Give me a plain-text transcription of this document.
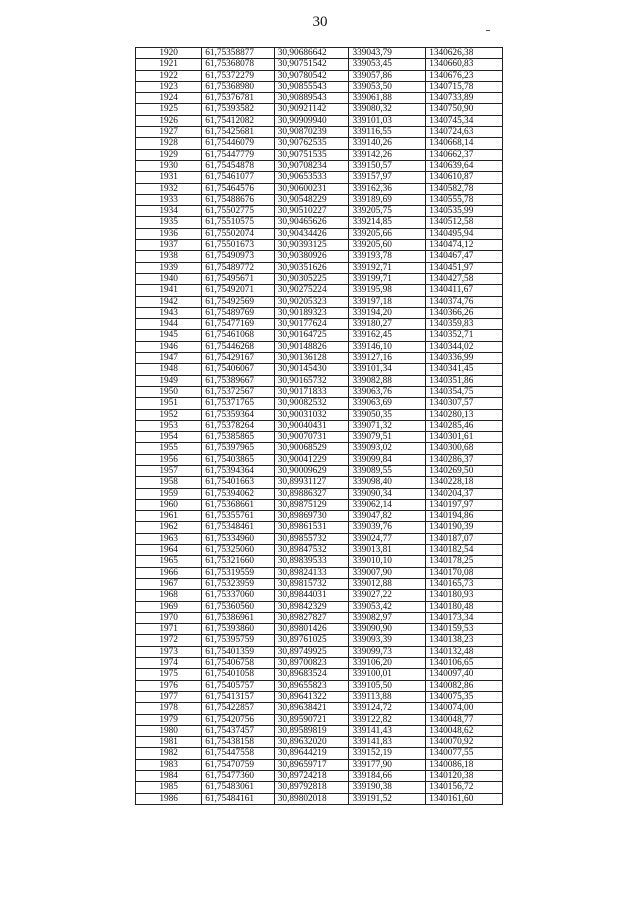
30
1920	61,75358877	30,90686642	339043,79	1340626,38
1921	61,75368078	30,90751542	339053,45	1340660,83
1922	61,75372279	30,90780542	339057,86	1340676,23
1923	61,75368980	30,90855543	339053,50	1340715,78
1924	61,75376781	30,90889543	339061,88	1340733,89
1925	61,75393582	30,90921142	339080,32	1340750,90
1926	61,75412082	30,90909940	339101,03	1340745,34
1927	61,75425681	30,90870239	339116,55	1340724,63
1928	61,75446079	30,90762535	339140,26	1340668,14
1929	61,75447779	30,90751535	339142,26	1340662,37
1930	61,75454878	30,90708234	339150,57	1340639,64
1931	61,75461077	30,90653533	339157,97	1340610,87
1932	61,75464576	30,90600231	339162,36	1340582,78
1933	61,75488676	30,90548229	339189,69	1340555,78
1934	61,75502775	30,90510227	339205,75	1340535,99
1935	61,75510575	30,90465626	339214,85	1340512,58
1936	61,75502074	30,90434426	339205,66	1340495,94
1937	61,75501673	30,90393125	339205,60	1340474,12
1938	61,75490973	30,90380926	339193,78	1340467,47
1939	61,75489772	30,90351626	339192,71	1340451,97
1940	61,75495671	30,90305225	339199,71	1340427,58
1941	61,75492071	30,90275224	339195,98	1340411,67
1942	61,75492569	30,90205323	339197,18	1340374,76
1943	61,75489769	30,90189323	339194,20	1340366,26
1944	61,75477169	30,90177624	339180,27	1340359,83
1945	61,75461068	30,90164725	339162,45	1340352,71
1946	61,75446268	30,90148826	339146,10	1340344,02
1947	61,75429167	30,90136128	339127,16	1340336,99
1948	61,75406067	30,90145430	339101,34	1340341,45
1949	61,75389667	30,90165732	339082,88	1340351,86
1950	61,75372567	30,90171833	339063,76	1340354,75
1951	61,75371765	30,90082532	339063,69	1340307,57
1952	61,75359364	30,90031032	339050,35	1340280,13
1953	61,75378264	30,90040431	339071,32	1340285,46
1954	61,75385865	30,90070731	339079,51	1340301,61
1955	61,75397965	30,90068529	339093,02	1340300,68
1956	61,75403865	30,90041229	339099,84	1340286,37
1957	61,75394364	30,90009629	339089,55	1340269,50
1958	61,75401663	30,89931127	339098,40	1340228,18
1959	61,75394062	30,89886327	339090,34	1340204,37
1960	61,75368661	30,89875129	339062,14	1340197,97
1961	61,75355761	30,89869730	339047,82	1340194,86
1962	61,75348461	30,89861531	339039,76	1340190,39
1963	61,75334960	30,89855732	339024,77	1340187,07
1964	61,75325060	30,89847532	339013,81	1340182,54
1965	61,75321660	30,89839533	339010,10	1340178,25
1966	61,75319559	30,89824133	339007,90	1340170,08
1967	61,75323959	30,89815732	339012,88	1340165,73
1968	61,75337060	30,89844031	339027,22	1340180,93
1969	61,75360560	30,89842329	339053,42	1340180,48
1970	61,75386961	30,89827827	339082,97	1340173,34
1971	61,75393860	30,89801426	339090,90	1340159,53
1972	61,75395759	30,89761025	339093,39	1340138,23
1973	61,75401359	30,89749925	339099,73	1340132,48
1974	61,75406758	30,89700823	339106,20	1340106,65
1975	61,75401058	30,89683524	339100,01	1340097,40
1976	61,75405757	30,89655823	339105,50	1340082,86
1977	61,75413157	30,89641322	339113,88	1340075,35
1978	61,75422857	30,89638421	339124,72	1340074,00
1979	61,75420756	30,89590721	339122,82	1340048,77
1980	61,75437457	30,89589819	339141,43	1340048,62
1981	61,75438158	30,89632020	339141,83	1340070,92
1982	61,75447558	30,89644219	339152,19	1340077,55
1983	61,75470759	30,89659717	339177,90	1340086,18
1984	61,75477360	30,89724218	339184,66	1340120,38
1985	61,75483061	30,89792818	339190,38	1340156,72
1986	61,75484161	30,89802018	339191,52	1340161,60
